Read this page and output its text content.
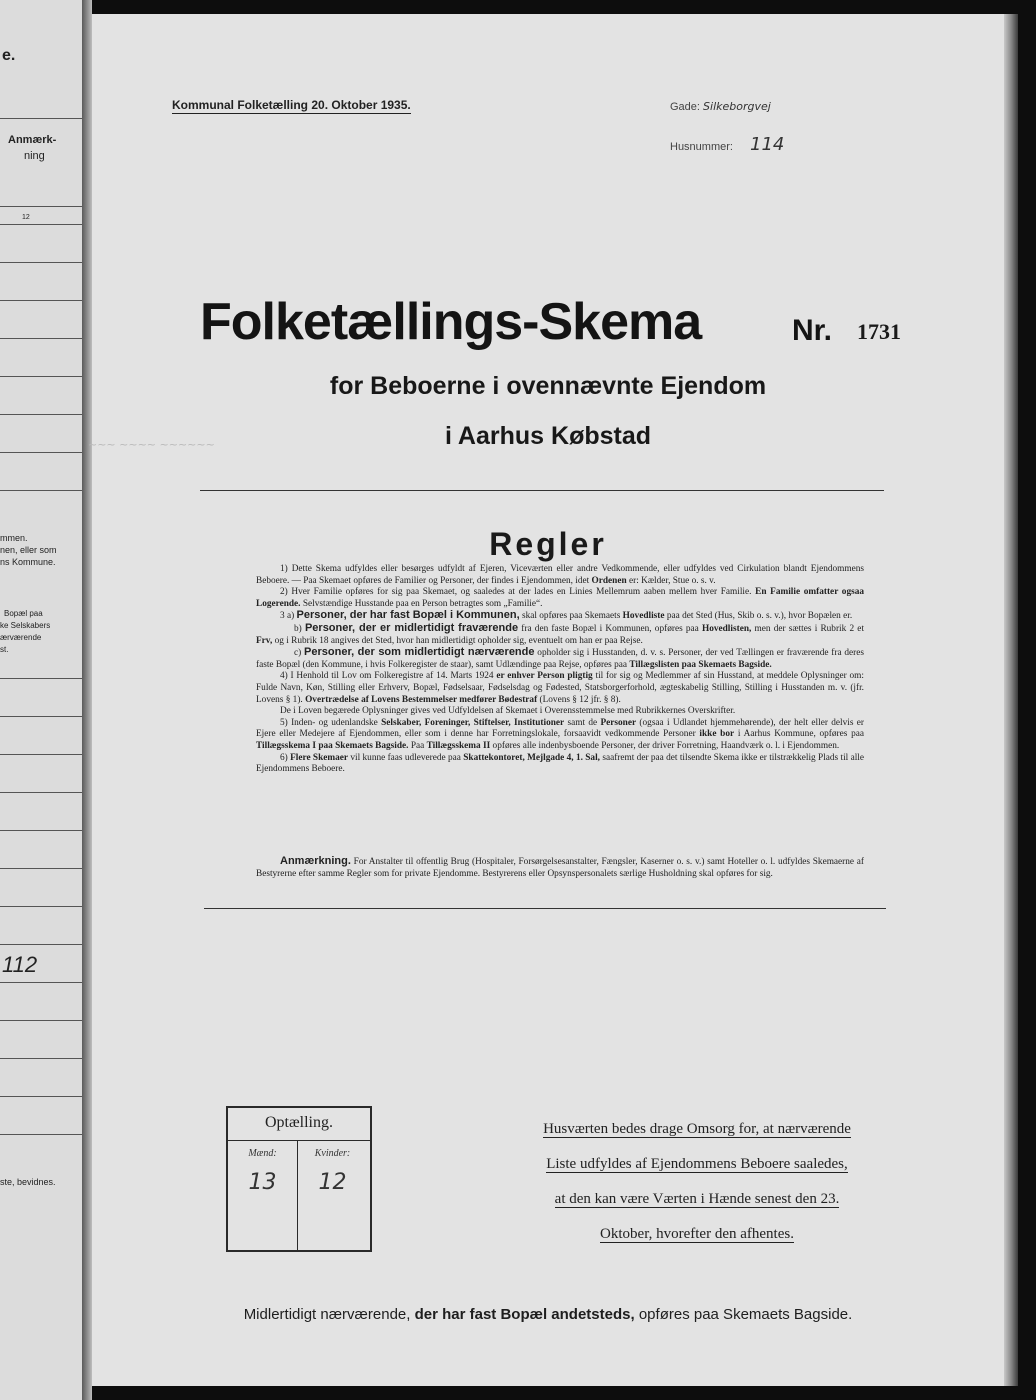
e.
Anmærk-
ning
12
mmen.
nen, eller som
ns Kommune.
Bopæl paa
ke Selskabers
ærværende
st.
112
ste, bevidnes.
Kommunal Folketælling 20. Oktober 1935.	Gade: Silkeborgvej
Husnummer: 114
Folketællings-Skema	Nr. 1731
for Beboerne i ovennævnte Ejendom
i Aarhus Købstad
~~~ ~~~~ ~~~~~~
Regler

1) Dette Skema udfyldes eller besørges udfyldt af Ejeren, Viceværten eller andre Vedkommende, eller udfyldes ved Cirkulation blandt Ejendommens Beboere. — Paa Skemaet opføres de Familier og Personer, der findes i Ejendommen, idet Ordenen er: Kælder, Stue o. s. v.

2) Hver Familie opføres for sig paa Skemaet, og saaledes at der lades en Linies Mellemrum aaben mellem hver Familie. En Familie omfatter ogsaa Logerende. Selvstændige Husstande paa en Person betragtes som „Familie“.

3 a) Personer, der har fast Bopæl i Kommunen, skal opføres paa Skemaets Hovedliste paa det Sted (Hus, Skib o. s. v.), hvor Bopælen er.

b) Personer, der er midlertidigt fraværende fra den faste Bopæl i Kommunen, opføres paa Hovedlisten, men der sættes i Rubrik 2 et Frv, og i Rubrik 18 angives det Sted, hvor han midlertidigt opholder sig, eventuelt om han er paa Rejse.

c) Personer, der som midlertidigt nærværende opholder sig i Husstanden, d. v. s. Personer, der ved Tællingen er fraværende fra deres faste Bopæl (den Kommune, i hvis Folkeregister de staar), samt Udlændinge paa Rejse, opføres paa Tillægslisten paa Skemaets Bagside.

4) I Henhold til Lov om Folkeregistre af 14. Marts 1924 er enhver Person pligtig til for sig og Medlemmer af sin Husstand, at meddele Oplysninger om: Fulde Navn, Køn, Stilling eller Erhverv, Bopæl, Fødselsaar, Fødselsdag og Fødested, Statsborgerforhold, ægteskabelig Stilling, Stilling i Husstanden m. v. (jfr. Lovens § 1). Overtrædelse af Lovens Bestemmelser medfører Bødestraf (Lovens § 12 jfr. § 8).

De i Loven begærede Oplysninger gives ved Udfyldelsen af Skemaet i Overensstemmelse med Rubrikkernes Overskrifter.

5) Inden- og udenlandske Selskaber, Foreninger, Stiftelser, Institutioner samt de Personer (ogsaa i Udlandet hjemmehørende), der helt eller delvis er Ejere eller Medejere af Ejendommen, eller som i denne har Forretningslokale, forsaavidt vedkommende Personer ikke bor i Aarhus Kommune, opføres paa Tillægsskema I paa Skemaets Bagside. Paa Tillægsskema II opføres alle indenbysboende Personer, der driver Forretning, Haandværk o. l. i Ejendommen.

6) Flere Skemaer vil kunne faas udleverede paa Skattekontoret, Mejlgade 4, 1. Sal, saafremt der paa det tilsendte Skema ikke er tilstrækkelig Plads til alle Ejendommens Beboere.

Anmærkning. For Anstalter til offentlig Brug (Hospitaler, Forsørgelsesanstalter, Fængsler, Kaserner o. s. v.) samt Hoteller o. l. udfyldes Skemaerne af Bestyrerne efter samme Regler som for private Ejendomme. Bestyrerens eller Opsynspersonalets særlige Husholdning skal opføres for sig.

Optælling.
Mænd:	Kvinder:
13	12
Husværten bedes drage Omsorg for, at nærværende
Liste udfyldes af Ejendommens Beboere saaledes,
at den kan være Værten i Hænde senest den 23.
Oktober, hvorefter den afhentes.
Midlertidigt nærværende, der har fast Bopæl andetsteds, opføres paa Skemaets Bagside.
